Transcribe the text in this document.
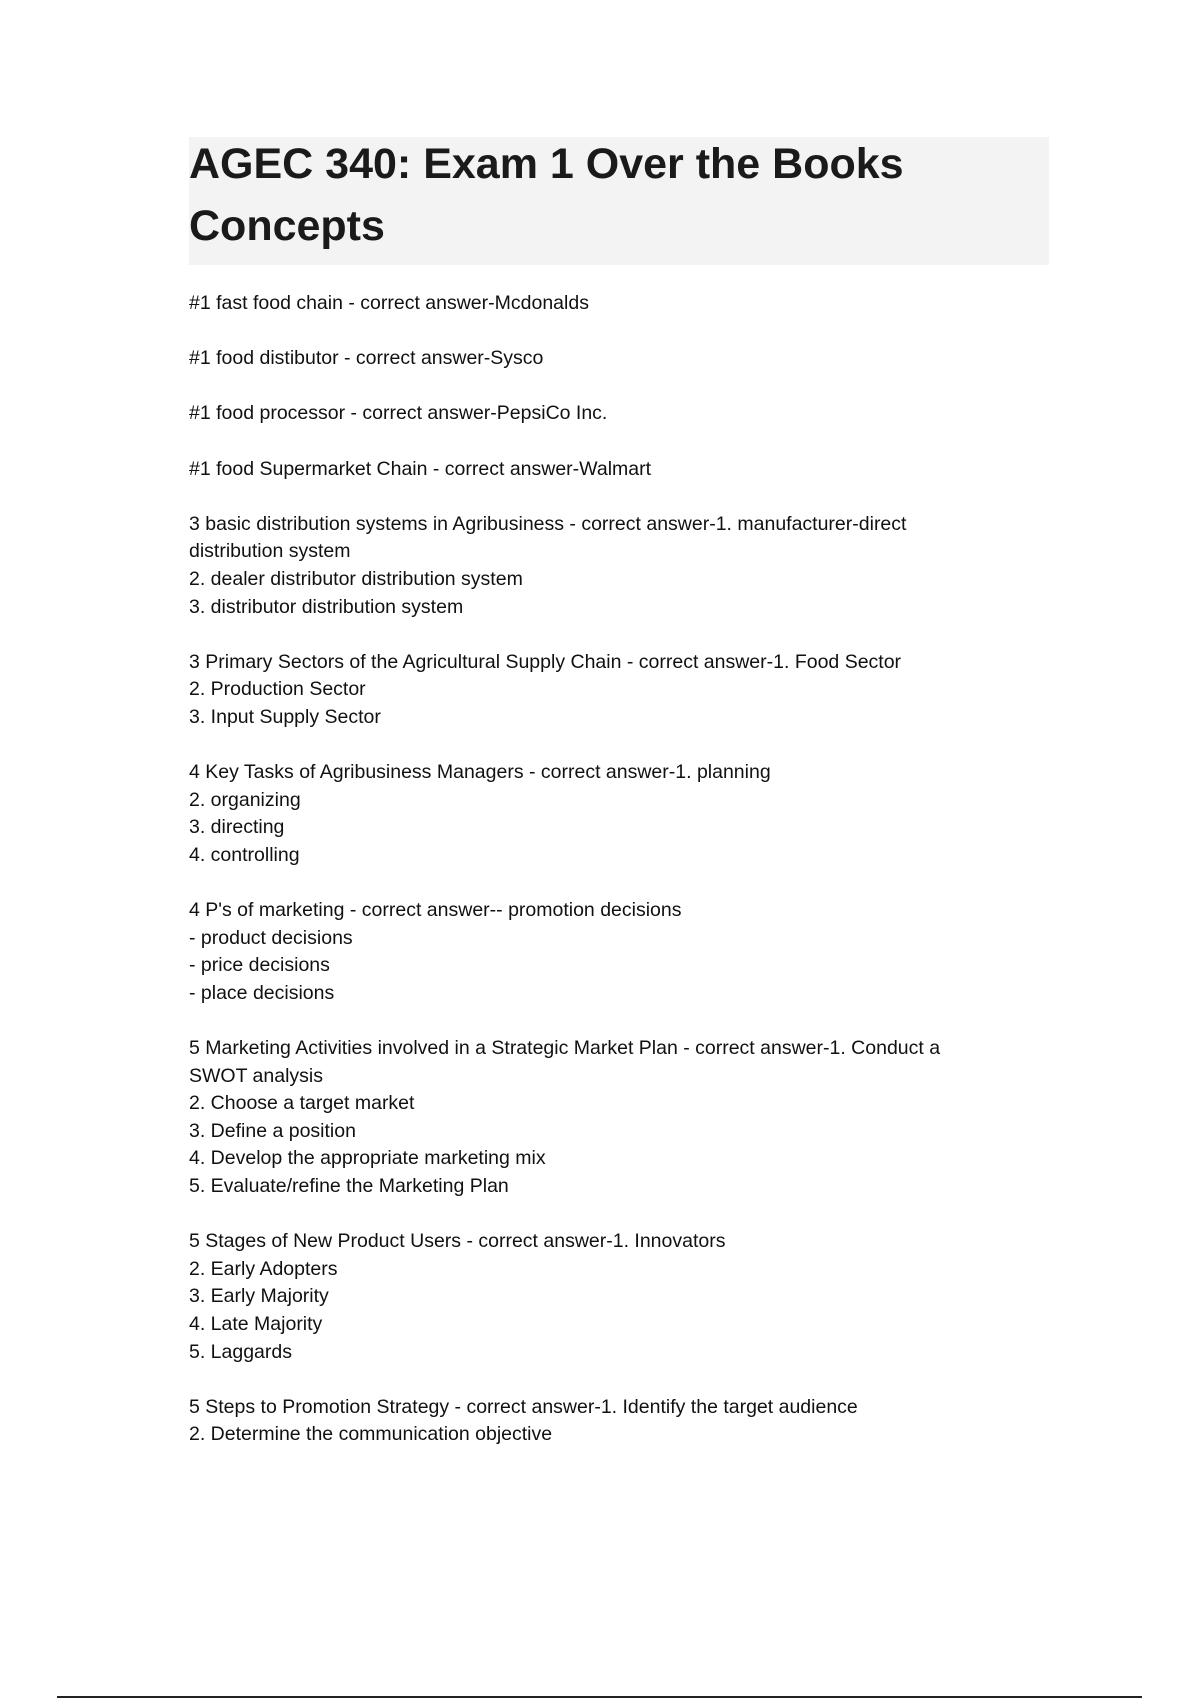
AGEC 340: Exam 1 Over the Books
Concepts
#1 fast food chain - correct answer-Mcdonalds
#1 food distibutor - correct answer-Sysco
#1 food processor - correct answer-PepsiCo Inc.
#1 food Supermarket Chain - correct answer-Walmart
3 basic distribution systems in Agribusiness - correct answer-1. manufacturer-direct
distribution system
2. dealer distributor distribution system
3. distributor distribution system
3 Primary Sectors of the Agricultural Supply Chain - correct answer-1. Food Sector
2. Production Sector
3. Input Supply Sector
4 Key Tasks of Agribusiness Managers - correct answer-1. planning
2. organizing
3. directing
4. controlling
4 P's of marketing - correct answer-- promotion decisions
- product decisions
- price decisions
- place decisions
5 Marketing Activities involved in a Strategic Market Plan - correct answer-1. Conduct a
SWOT analysis
2. Choose a target market
3. Define a position
4. Develop the appropriate marketing mix
5. Evaluate/refine the Marketing Plan
5 Stages of New Product Users - correct answer-1. Innovators
2. Early Adopters
3. Early Majority
4. Late Majority
5. Laggards
5 Steps to Promotion Strategy - correct answer-1. Identify the target audience
2. Determine the communication objective
